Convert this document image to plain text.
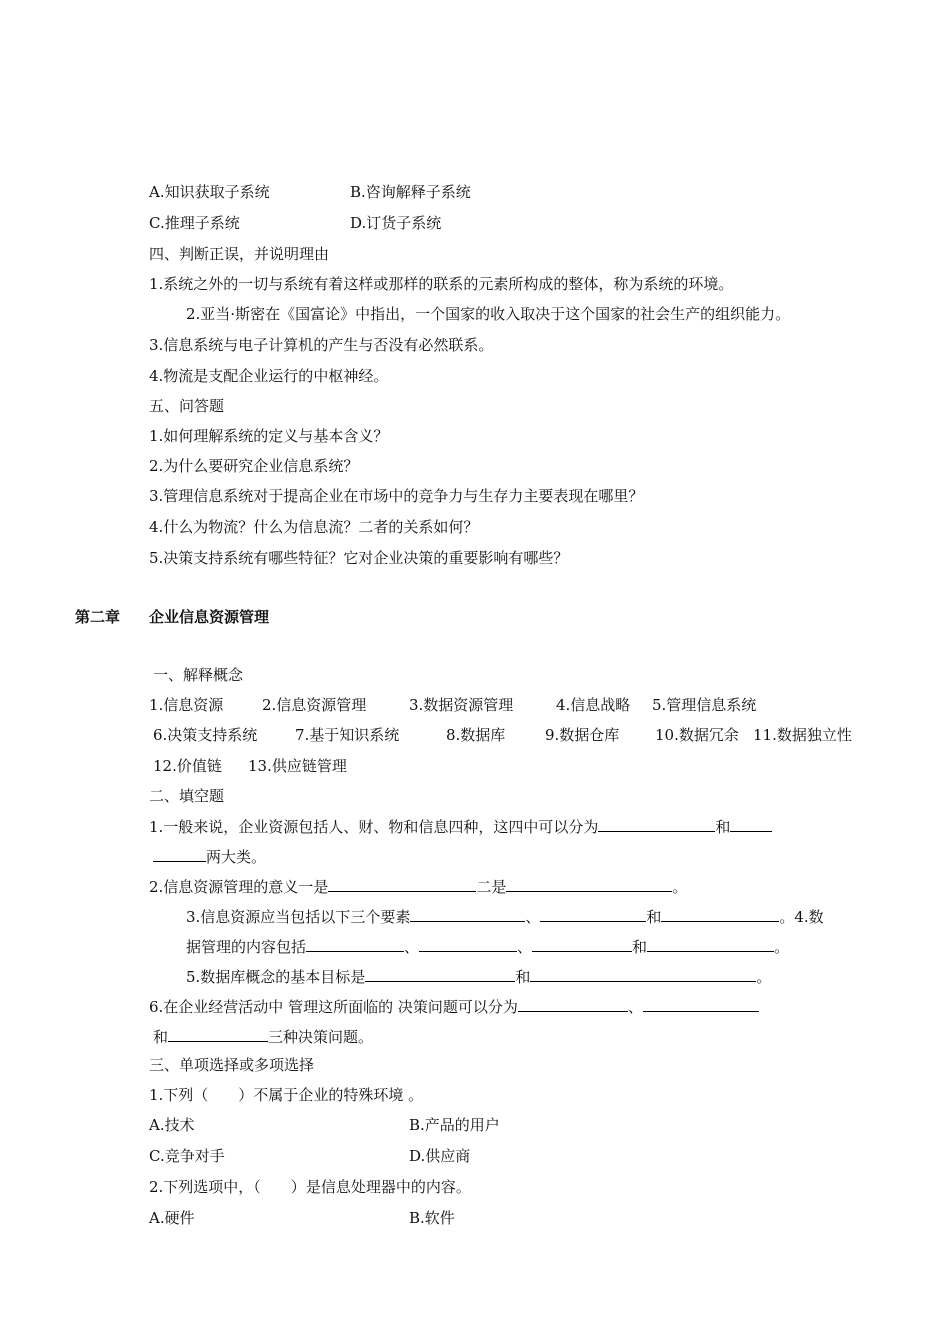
A.知识获取子系统	B.咨询解释子系统
C.推理子系统	D.订货子系统
四、判断正误，并说明理由
1.系统之外的一切与系统有着这样或那样的联系的元素所构成的整体，称为系统的环境。
2.亚当·斯密在《国富论》中指出，一个国家的收入取决于这个国家的社会生产的组织能力。
3.信息系统与电子计算机的产生与否没有必然联系。
4.物流是支配企业运行的中枢神经。
五、问答题
1.如何理解系统的定义与基本含义？
2.为什么要研究企业信息系统？
3.管理信息系统对于提高企业在市场中的竞争力与生存力主要表现在哪里？
4.什么为物流？什么为信息流？二者的关系如何？
5.决策支持系统有哪些特征？它对企业决策的重要影响有哪些？
第二章 企业信息资源管理
一、解释概念
1.信息资源	2.信息资源管理	3.数据资源管理	4.信息战略 5.管理信息系统
6.决策支持系统	7.基于知识系统	8.数据库	9.数据仓库 10.数据冗余 11.数据独立性
12.价值链 13.供应链管理
二、填空题
1.一般来说，企业资源包括人、财、物和信息四种，这四中可以分为	和
两大类。
2.信息资源管理的意义一是	二是	。
3.信息资源应当包括以下三个要素	、	和	。4.数
据管理的内容包括	、	、	和	。
5.数据库概念的基本目标是	和	。
6.在企业经营活动中 管理这所面临的 决策问题可以分为	、
和	三种决策问题。
三、单项选择或多项选择
1.下列（　　）不属于企业的特殊环境 。
A.技术	B.产品的用户
C.竞争对手	D.供应商
2.下列选项中，（　　）是信息处理器中的内容。
A.硬件	B.软件
